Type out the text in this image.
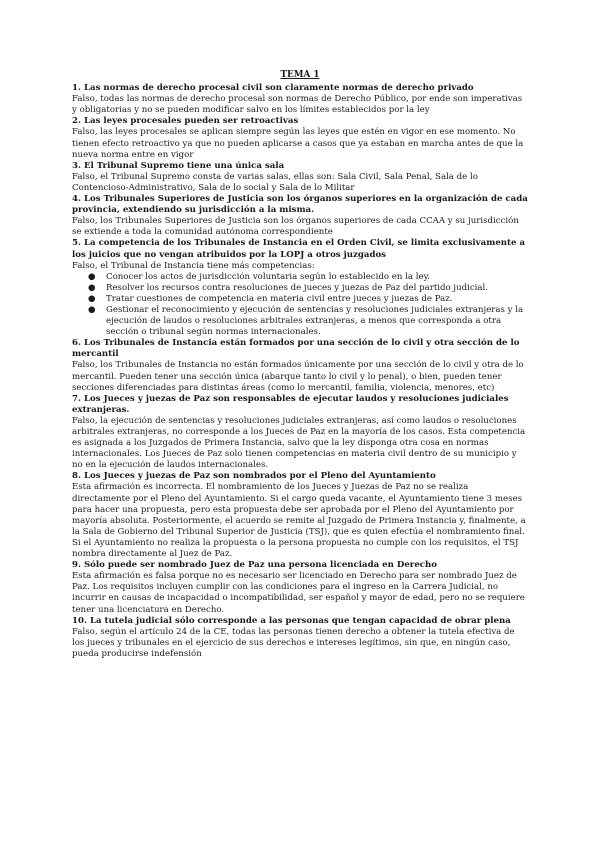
TEMA 1

1. Las normas de derecho procesal civil son claramente normas de derecho privado

Falso, todas las normas de derecho procesal son normas de Derecho Público, por ende son imperativas y obligatorias y no se pueden modificar salvo en los límites establecidos por la ley

2. Las leyes procesales pueden ser retroactivas

Falso, las leyes procesales se aplican siempre según las leyes que estén en vigor en ese momento. No tienen efecto retroactivo ya que no pueden aplicarse a casos que ya estaban en marcha antes de que la nueva norma entre en vigor

3. El Tribunal Supremo tiene una única sala

Falso, el Tribunal Supremo consta de varias salas, ellas son: Sala Civil, Sala Penal, Sala de lo Contencioso-Administrativo, Sala de lo social y Sala de lo Militar

4. Los Tribunales Superiores de Justicia son los órganos superiores en la organización de cada provincia, extendiendo su jurisdicción a la misma.

Falso, los Tribunales Superiores de Justicia son los órganos superiores de cada CCAA y su jurisdicción se extiende a toda la comunidad autónoma correspondiente

5. La competencia de los Tribunales de Instancia en el Orden Civil, se limita exclusivamente a los juicios que no vengan atribuidos por la LOPJ a otros juzgados

Falso, el Tribunal de Instancia tiene más competencias:

● Conocer los actos de jurisdicción voluntaria según lo establecido en la ley.
● Resolver los recursos contra resoluciones de jueces y juezas de Paz del partido judicial.
● Tratar cuestiones de competencia en materia civil entre jueces y juezas de Paz.
● Gestionar el reconocimiento y ejecución de sentencias y resoluciones judiciales extranjeras y la ejecución de laudos o resoluciones arbitrales extranjeras, a menos que corresponda a otra sección o tribunal según normas internacionales.

6. Los Tribunales de Instancia están formados por una sección de lo civil y otra sección de lo mercantil

Falso, los Tribunales de Instancia no están formados únicamente por una sección de lo civil y otra de lo mercantil. Pueden tener una sección única (abarque tanto lo civil y lo penal), o bien, pueden tener secciones diferenciadas para distintas áreas (como lo mercantil, familia, violencia, menores, etc)

7. Los Jueces y juezas de Paz son responsables de ejecutar laudos y resoluciones judiciales extranjeras.

Falso, la ejecución de sentencias y resoluciones judiciales extranjeras, así como laudos o resoluciones arbitrales extranjeras, no corresponde a los Jueces de Paz en la mayoría de los casos. Esta competencia es asignada a los Juzgados de Primera Instancia, salvo que la ley disponga otra cosa en normas internacionales. Los Jueces de Paz solo tienen competencias en materia civil dentro de su municipio y no en la ejecución de laudos internacionales.

8. Los Jueces y juezas de Paz son nombrados por el Pleno del Ayuntamiento

Esta afirmación es incorrecta. El nombramiento de los Jueces y Juezas de Paz no se realiza directamente por el Pleno del Ayuntamiento. Si el cargo queda vacante, el Ayuntamiento tiene 3 meses para hacer una propuesta, pero esta propuesta debe ser aprobada por el Pleno del Ayuntamiento por mayoría absoluta. Posteriormente, el acuerdo se remite al Juzgado de Primera Instancia y, finalmente, a la Sala de Gobierno del Tribunal Superior de Justicia (TSJ), que es quien efectúa el nombramiento final. Si el Ayuntamiento no realiza la propuesta o la persona propuesta no cumple con los requisitos, el TSJ nombra directamente al Juez de Paz.

9. Sólo puede ser nombrado Juez de Paz una persona licenciada en Derecho

Esta afirmación es falsa porque no es necesario ser licenciado en Derecho para ser nombrado Juez de Paz. Los requisitos incluyen cumplir con las condiciones para el ingreso en la Carrera Judicial, no incurrir en causas de incapacidad o incompatibilidad, ser español y mayor de edad, pero no se requiere tener una licenciatura en Derecho.

10. La tutela judicial sólo corresponde a las personas que tengan capacidad de obrar plena

Falso, según el artículo 24 de la CE, todas las personas tienen derecho a obtener la tutela efectiva de los jueces y tribunales en el ejercicio de sus derechos e intereses legítimos, sin que, en ningún caso, pueda producirse indefensión
